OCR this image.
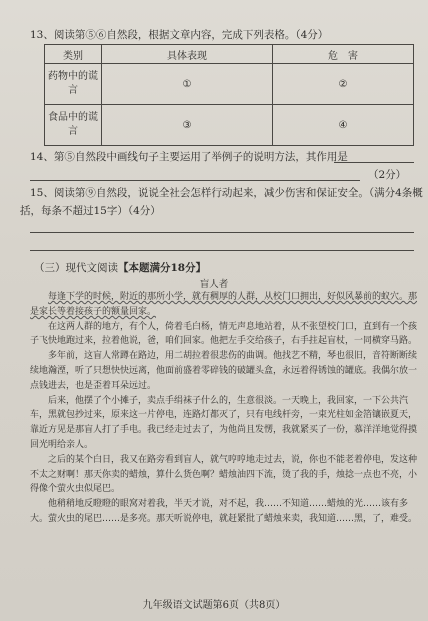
13、阅读第⑤⑥自然段，根据文章内容，完成下列表格。（4分）
类别	具体表现	危　害
药物中的谎言	①	②
食品中的谎言	③	④
14、第⑤自然段中画线句子主要运用了举例子的说明方法，其作用是
（2分）
15、阅读第⑨自然段，说说全社会怎样行动起来，减少伤害和保证安全。（满分4条概
括，每条不超过15字）（4分）
（三）现代文阅读【本题满分18分】
盲人者

每逢下学的时候，附近的那所小学，就有稠厚的人群，从校门口拥出，好似风暴前的蚁穴。那是家长等着接孩子的额量回家。

在这两人群的地方，有个人，倚着毛白杨，情无声息地站着，从不张望校门口，直到有一个孩子飞快地跑过来，拉着他说，爸，咱们回家。他把左手交给孩子，右手拄起盲杖，一同横穿马路。

多年前，这盲人常蹲在路边，用二胡拉着很悲伤的曲调。他找艺不精，琴也很旧，音符断断续续地瀚湮，听了只想快快远离，他面前盛着零碎钱的破罐头盒，永远着得锈蚀的罐底。我偶尔放一点钱进去，也是歪着耳朵远过。

后来，他摆了个小摊子，卖点手绢袜子什么的，生意很淡。一天晚上，我回家，一下公共汽车，黑就包抄过来，原来这一片停电，连路灯都灭了，只有电线杆旁，一束光柱如金箔镶嵌夏天，靠近方见是那盲人打了手电。我已经走过去了，为他尚且发愣，我就紧买了一份，慕洋洋地觉得摸回光明给亲人。

之后的某个白日，我又在路旁看到盲人，就气哼哼地走过去，说，你也不能老着停电，发这种不太之财啊！那天你卖的蜡烛，算什么货色啊？蜡烛油四下流，烫了我的手，烛捻一点也不亮，小得像个萤火虫似尾巴。

他稍稍地反瞪瞪的眼窝对着我，半天才说，对不起，我……不知道……蜡烛的光……该有多大。萤火虫的尾巴……是多亮。那天听说停电，就赶紧批了蜡烛来卖，我知道……黑，了，难受。

九年级语文试题第6页（共8页）
